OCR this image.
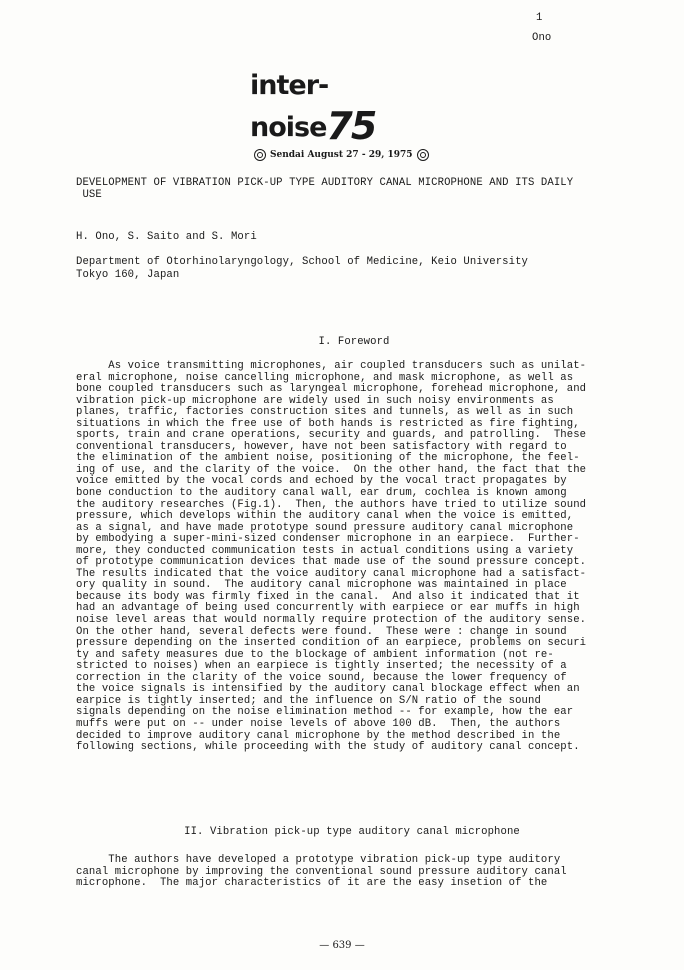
1
Ono
inter-noise75
Sendai August 27 - 29, 1975
DEVELOPMENT OF VIBRATION PICK-UP TYPE AUDITORY CANAL MICROPHONE AND ITS DAILY
USE
H. Ono, S. Saito and S. Mori
Department of Otorhinolaryngology, School of Medicine, Keio University
Tokyo 160, Japan
I. Foreword
As voice transmitting microphones, air coupled transducers such as unilat-
eral microphone, noise cancelling microphone, and mask microphone, as well as
bone coupled transducers such as laryngeal microphone, forehead microphone, and
vibration pick-up microphone are widely used in such noisy environments as
planes, traffic, factories construction sites and tunnels, as well as in such
situations in which the free use of both hands is restricted as fire fighting,
sports, train and crane operations, security and guards, and patrolling.  These
conventional transducers, however, have not been satisfactory with regard to
the elimination of the ambient noise, positioning of the microphone, the feel-
ing of use, and the clarity of the voice.  On the other hand, the fact that the
voice emitted by the vocal cords and echoed by the vocal tract propagates by
bone conduction to the auditory canal wall, ear drum, cochlea is known among
the auditory researches (Fig.1).  Then, the authors have tried to utilize sound
pressure, which develops within the auditory canal when the voice is emitted,
as a signal, and have made prototype sound pressure auditory canal microphone
by embodying a super-mini-sized condenser microphone in an earpiece.  Further-
more, they conducted communication tests in actual conditions using a variety
of prototype communication devices that made use of the sound pressure concept.
The results indicated that the voice auditory canal microphone had a satisfact-
ory quality in sound.  The auditory canal microphone was maintained in place
because its body was firmly fixed in the canal.  And also it indicated that it
had an advantage of being used concurrently with earpiece or ear muffs in high
noise level areas that would normally require protection of the auditory sense.
On the other hand, several defects were found.  These were : change in sound
pressure depending on the inserted condition of an earpiece, problems on securi
ty and safety measures due to the blockage of ambient information (not re-
stricted to noises) when an earpiece is tightly inserted; the necessity of a
correction in the clarity of the voice sound, because the lower frequency of
the voice signals is intensified by the auditory canal blockage effect when an
earpice is tightly inserted; and the influence on S/N ratio of the sound
signals depending on the noise elimination method -- for example, how the ear
muffs were put on -- under noise levels of above 100 dB.  Then, the authors
decided to improve auditory canal microphone by the method described in the
following sections, while proceeding with the study of auditory canal concept.
II. Vibration pick-up type auditory canal microphone
The authors have developed a prototype vibration pick-up type auditory
canal microphone by improving the conventional sound pressure auditory canal
microphone.  The major characteristics of it are the easy insetion of the
— 639 —
